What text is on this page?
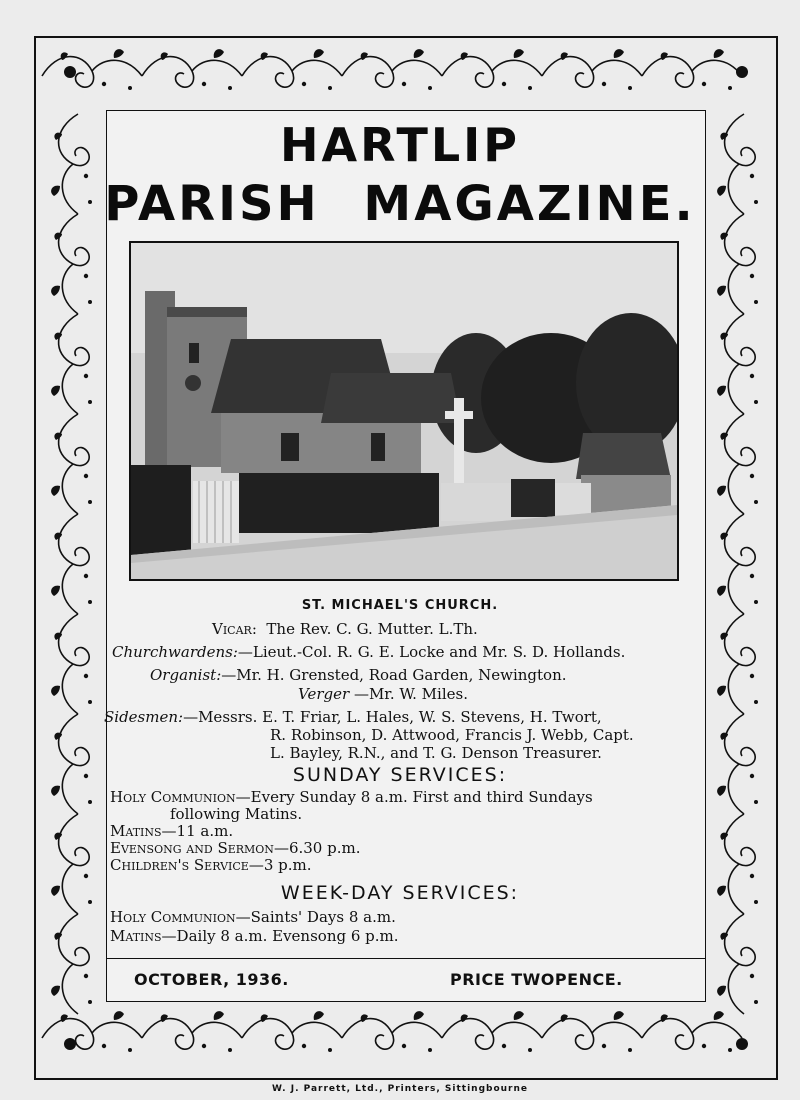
HARTLIP
PARISH MAGAZINE.

ST. MICHAEL'S CHURCH.

Vicar: The Rev. C. G. Mutter. L.Th.

Churchwardens:—Lieut.-Col. R. G. E. Locke and Mr. S. D. Hollands.

Organist:—Mr. H. Grensted, Road Garden, Newington.

Verger —Mr. W. Miles.

Sidesmen:—Messrs. E. T. Friar, L. Hales, W. S. Stevens, H. Twort,

R. Robinson, D. Attwood, Francis J. Webb, Capt.

L. Bayley, R.N., and T. G. Denson Treasurer.

SUNDAY SERVICES:

Holy Communion—Every Sunday 8 a.m. First and third Sundays

following Matins.

Matins—11 a.m.

Evensong and Sermon—6.30 p.m.

Children's Service—3 p.m.

WEEK-DAY SERVICES:

Holy Communion—Saints' Days 8 a.m.

Matins—Daily 8 a.m. Evensong 6 p.m.

OCTOBER, 1936.	PRICE TWOPENCE.

W. J. Parrett, Ltd., Printers, Sittingbourne
